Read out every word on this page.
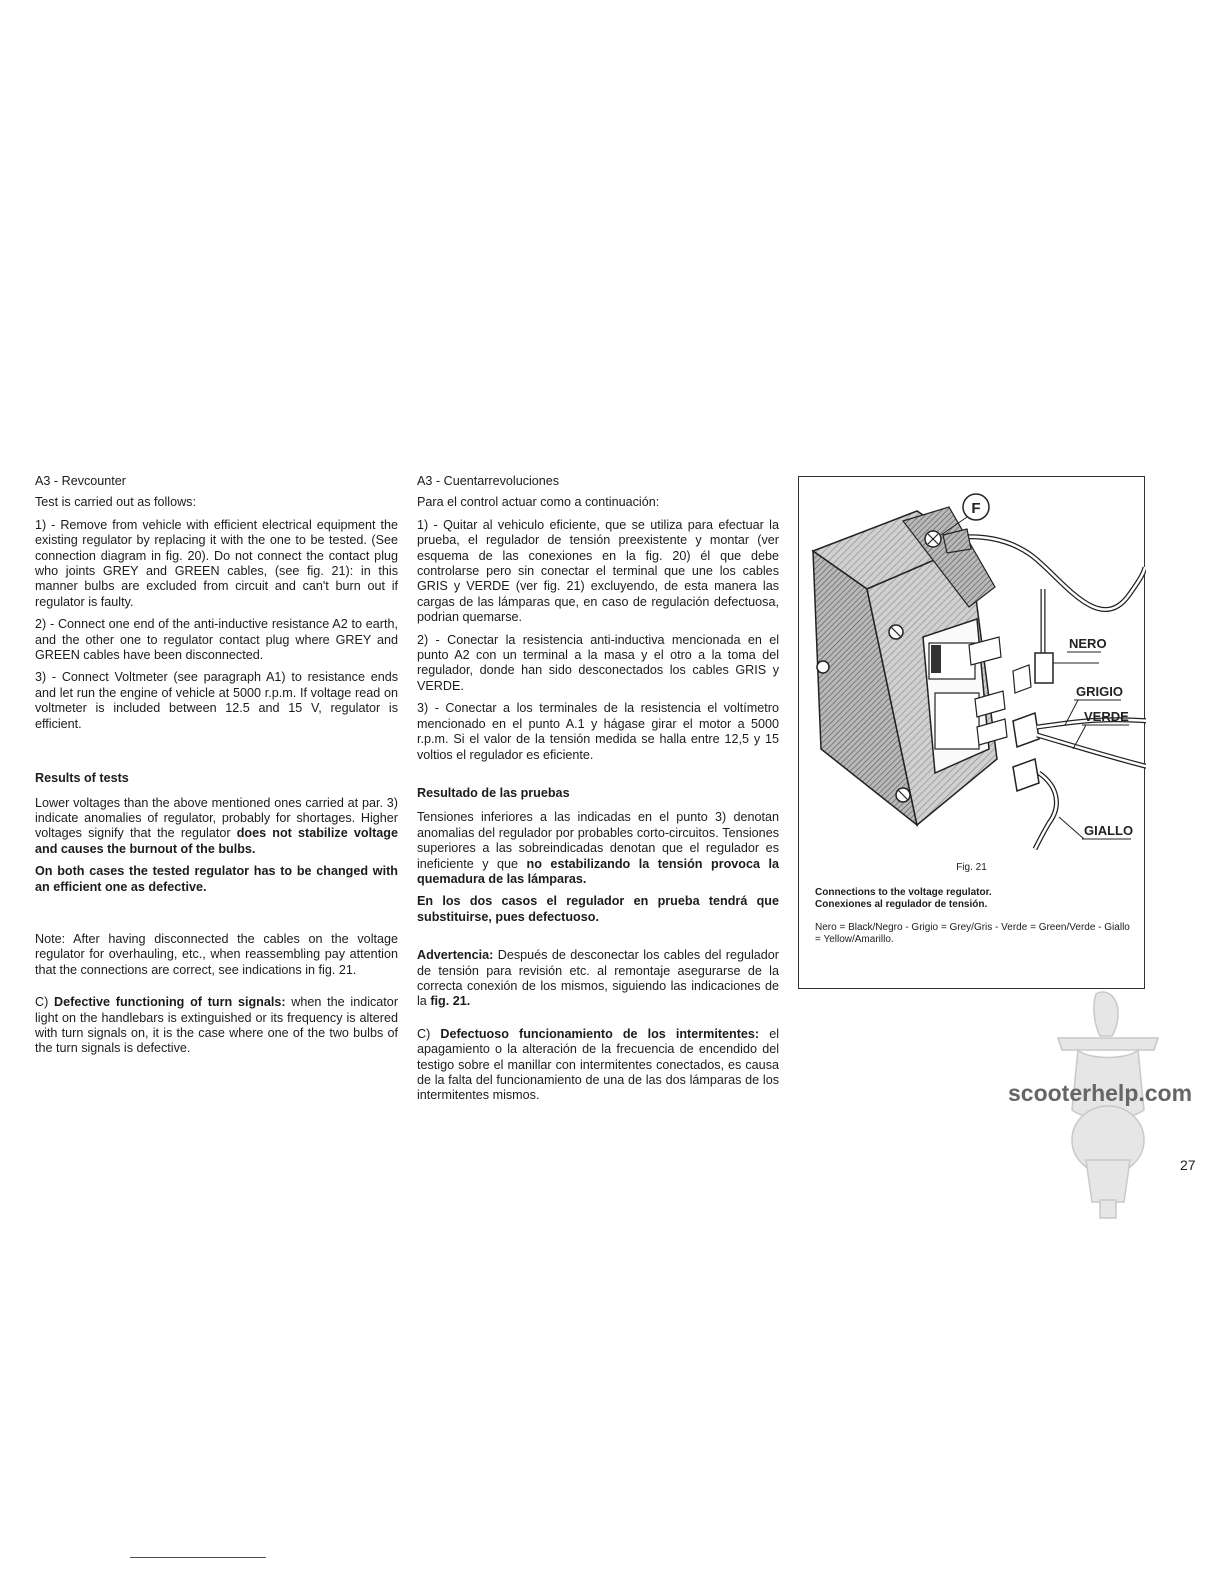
A3 - Revcounter

Test is carried out as follows:

1) - Remove from vehicle with efficient electrical equipment the existing regulator by replacing it with the one to be tested. (See connection diagram in fig. 20). Do not connect the contact plug who joints GREY and GREEN cables, (see fig. 21): in this manner bulbs are excluded from circuit and can't burn out if regulator is faulty.

2) - Connect one end of the anti-inductive resistance A2 to earth, and the other one to regulator contact plug where GREY and GREEN cables have been disconnected.

3) - Connect Voltmeter (see paragraph A1) to resistance ends and let run the engine of vehicle at 5000 r.p.m. If voltage read on voltmeter is included between 12.5 and 15 V, regulator is efficient.

Results of tests

Lower voltages than the above mentioned ones carried at par. 3) indicate anomalies of regulator, probably for shortages. Higher voltages signify that the regulator does not stabilize voltage and causes the burnout of the bulbs.

On both cases the tested regulator has to be changed with an efficient one as defective.

Note: After having disconnected the cables on the voltage regulator for overhauling, etc., when reassembling pay attention that the connections are correct, see indications in fig. 21.

C) Defective functioning of turn signals: when the indicator light on the handlebars is extinguished or its frequency is altered with turn signals on, it is the case where one of the two bulbs of the turn signals is defective.

A3 - Cuentarrevoluciones

Para el control actuar como a continuación:

1) - Quitar al vehiculo eficiente, que se utiliza para efectuar la prueba, el regulador de tensión preexistente y montar (ver esquema de las conexiones en la fig. 20) él que debe controlarse pero sin conectar el terminal que une los cables GRIS y VERDE (ver fig. 21) excluyendo, de esta manera las cargas de las lámparas que, en caso de regulación defectuosa, podrian quemarse.

2) - Conectar la resistencia anti-inductiva mencionada en el punto A2 con un terminal a la masa y el otro a la toma del regulador, donde han sido desconectados los cables GRIS y VERDE.

3) - Conectar a los terminales de la resistencia el voltímetro mencionado en el punto A.1 y hágase girar el motor a 5000 r.p.m. Si el valor de la tensión medida se halla entre 12,5 y 15 voltios el regulador es eficiente.

Resultado de las pruebas

Tensiones inferiores a las indicadas en el punto 3) denotan anomalias del regulador por probables corto-circuitos. Tensiones superiores a las sobreindicadas denotan que el regulador es ineficiente y que no estabilizando la tensión provoca la quemadura de las lámparas.

En los dos casos el regulador en prueba tendrá que substituirse, pues defectuoso.

Advertencia: Después de desconectar los cables del regulador de tensión para revisión etc. al remontaje asegurarse de la correcta conexión de los mismos, siguiendo las indicaciones de la fig. 21.

C) Defectuoso funcionamiento de los intermitentes: el apagamiento o la alteración de la frecuencia de encendido del testigo sobre el manillar con intermitentes conectados, es causa de la falta del funcionamiento de una de las dos lámparas de los intermitentes mismos.

F
NERO
GRIGIO
VERDE
GIALLO
Fig. 21
Connections to the voltage regulator.
Conexiones al regulador de tensión.
Nero = Black/Negro - Grigio = Grey/Gris - Verde = Green/Verde - Giallo = Yellow/Amarillo.
scooterhelp.com
27
